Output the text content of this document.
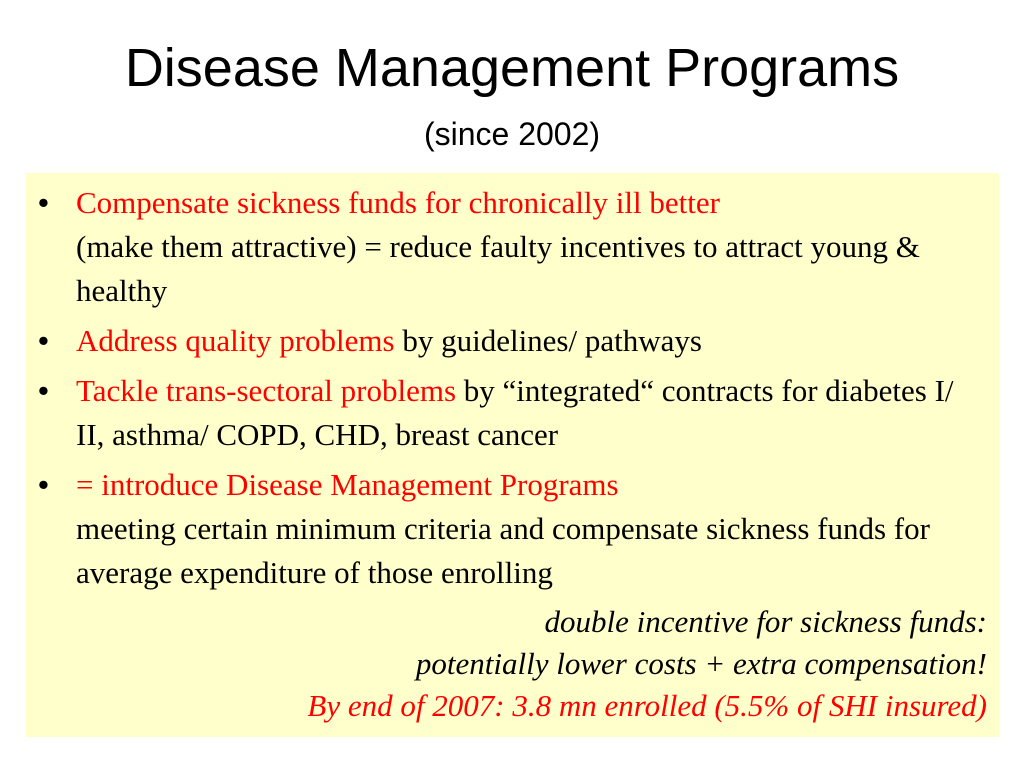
Disease Management Programs
(since 2002)
• Compensate sickness funds for chronically ill better
(make them attractive) = reduce faulty incentives to attract young & healthy
• Address quality problems by guidelines/ pathways
• Tackle trans-sectoral problems by “integrated“ contracts for diabetes I/ II, asthma/ COPD, CHD, breast cancer
• = introduce Disease Management Programs
meeting certain minimum criteria and compensate sickness funds for average expenditure of those enrolling
double incentive for sickness funds:
potentially lower costs + extra compensation!
By end of 2007: 3.8 mn enrolled (5.5% of SHI insured)
